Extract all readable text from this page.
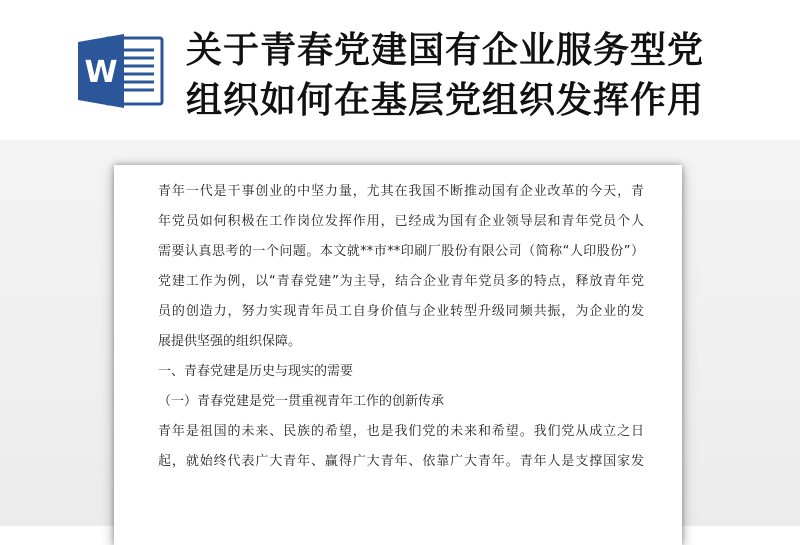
W
关于青春党建国有企业服务型党
组织如何在基层党组织发挥作用
青年一代是干事创业的中坚力量，尤其在我国不断推动国有企业改革的今天，青
年党员如何积极在工作岗位发挥作用，已经成为国有企业领导层和青年党员个人
需要认真思考的一个问题。本文就**市**印刷厂股份有限公司（简称“人印股份”）
党建工作为例，以“青春党建”为主导，结合企业青年党员多的特点，释放青年党
员的创造力，努力实现青年员工自身价值与企业转型升级同频共振，为企业的发
展提供坚强的组织保障。
一、青春党建是历史与现实的需要
（一）青春党建是党一贯重视青年工作的创新传承
青年是祖国的未来、民族的希望，也是我们党的未来和希望。我们党从成立之日
起，就始终代表广大青年、赢得广大青年、依靠广大青年。青年人是支撑国家发
